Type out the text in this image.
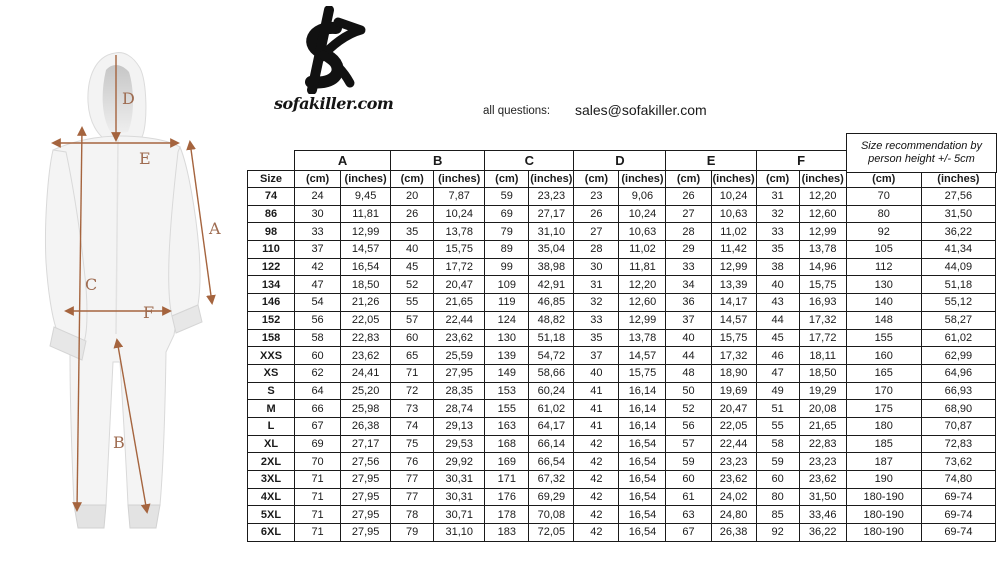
D
E
A
C
F
B
sofakiller.com	all questions: sales@sofakiller.com
Size recommendation by
person height +/- 5cm
	A		B		C		D		E		F			
Size	(cm)	(inches)	(cm)	(inches)	(cm)	(inches)	(cm)	(inches)	(cm)	(inches)	(cm)	(inches)	(cm)	(inches)
74	24	9,45	20	7,87	59	23,23	23	9,06	26	10,24	31	12,20	70	27,56
86	30	11,81	26	10,24	69	27,17	26	10,24	27	10,63	32	12,60	80	31,50
98	33	12,99	35	13,78	79	31,10	27	10,63	28	11,02	33	12,99	92	36,22
110	37	14,57	40	15,75	89	35,04	28	11,02	29	11,42	35	13,78	105	41,34
122	42	16,54	45	17,72	99	38,98	30	11,81	33	12,99	38	14,96	112	44,09
134	47	18,50	52	20,47	109	42,91	31	12,20	34	13,39	40	15,75	130	51,18
146	54	21,26	55	21,65	119	46,85	32	12,60	36	14,17	43	16,93	140	55,12
152	56	22,05	57	22,44	124	48,82	33	12,99	37	14,57	44	17,32	148	58,27
158	58	22,83	60	23,62	130	51,18	35	13,78	40	15,75	45	17,72	155	61,02
XXS	60	23,62	65	25,59	139	54,72	37	14,57	44	17,32	46	18,11	160	62,99
XS	62	24,41	71	27,95	149	58,66	40	15,75	48	18,90	47	18,50	165	64,96
S	64	25,20	72	28,35	153	60,24	41	16,14	50	19,69	49	19,29	170	66,93
M	66	25,98	73	28,74	155	61,02	41	16,14	52	20,47	51	20,08	175	68,90
L	67	26,38	74	29,13	163	64,17	41	16,14	56	22,05	55	21,65	180	70,87
XL	69	27,17	75	29,53	168	66,14	42	16,54	57	22,44	58	22,83	185	72,83
2XL	70	27,56	76	29,92	169	66,54	42	16,54	59	23,23	59	23,23	187	73,62
3XL	71	27,95	77	30,31	171	67,32	42	16,54	60	23,62	60	23,62	190	74,80
4XL	71	27,95	77	30,31	176	69,29	42	16,54	61	24,02	80	31,50	180-190	69-74
5XL	71	27,95	78	30,71	178	70,08	42	16,54	63	24,80	85	33,46	180-190	69-74
6XL	71	27,95	79	31,10	183	72,05	42	16,54	67	26,38	92	36,22	180-190	69-74
